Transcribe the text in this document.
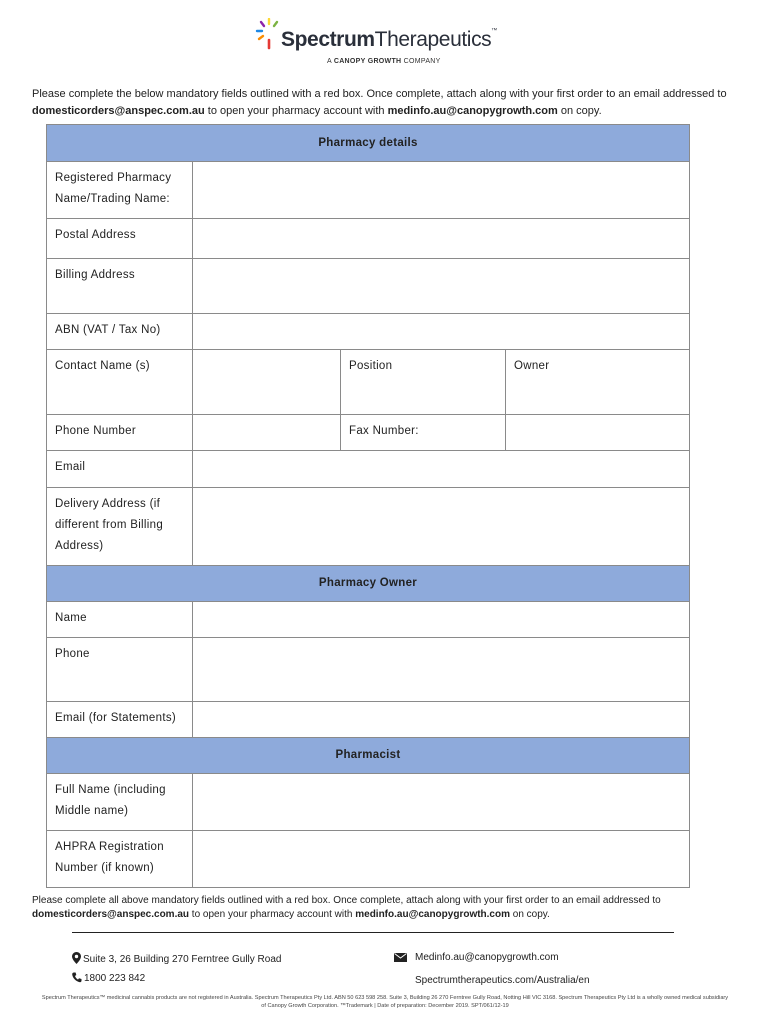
SpectrumTherapeutics™
A CANOPY GROWTH COMPANY
Please complete the below mandatory fields outlined with a red box. Once complete, attach along with your first order to an email addressed to domesticorders@anspec.com.au to open your pharmacy account with medinfo.au@canopygrowth.com on copy.
Pharmacy details			
Registered Pharmacy Name/Trading Name:			
Postal Address			
Billing Address			
ABN (VAT / Tax No)			
Contact Name (s)		Position	Owner
Phone Number		Fax Number:	
Email			
Delivery Address (if different from Billing Address)			
Pharmacy Owner			
Name			
Phone			
Email (for Statements)			
Pharmacist			
Full Name (including Middle name)			
AHPRA Registration Number (if known)			
Please complete all above mandatory fields outlined with a red box. Once complete, attach along with your first order to an email addressed to domesticorders@anspec.com.au to open your pharmacy account with medinfo.au@canopygrowth.com on copy.
Suite 3, 26 Building 270 Ferntree Gully Road
1800 223 842
Medinfo.au@canopygrowth.com
Spectrumtherapeutics.com/Australia/en
Spectrum Therapeutics™ medicinal cannabis products are not registered in Australia. Spectrum Therapeutics Pty Ltd. ABN 50 623 598 258. Suite 3, Building 26 270 Ferntree Gully Road, Notting Hill VIC 3168. Spectrum Therapeutics Pty Ltd is a wholly owned medical subsidiary of Canopy Growth Corporation. ™Trademark | Date of preparation: December 2019. SPT/061/12-19
